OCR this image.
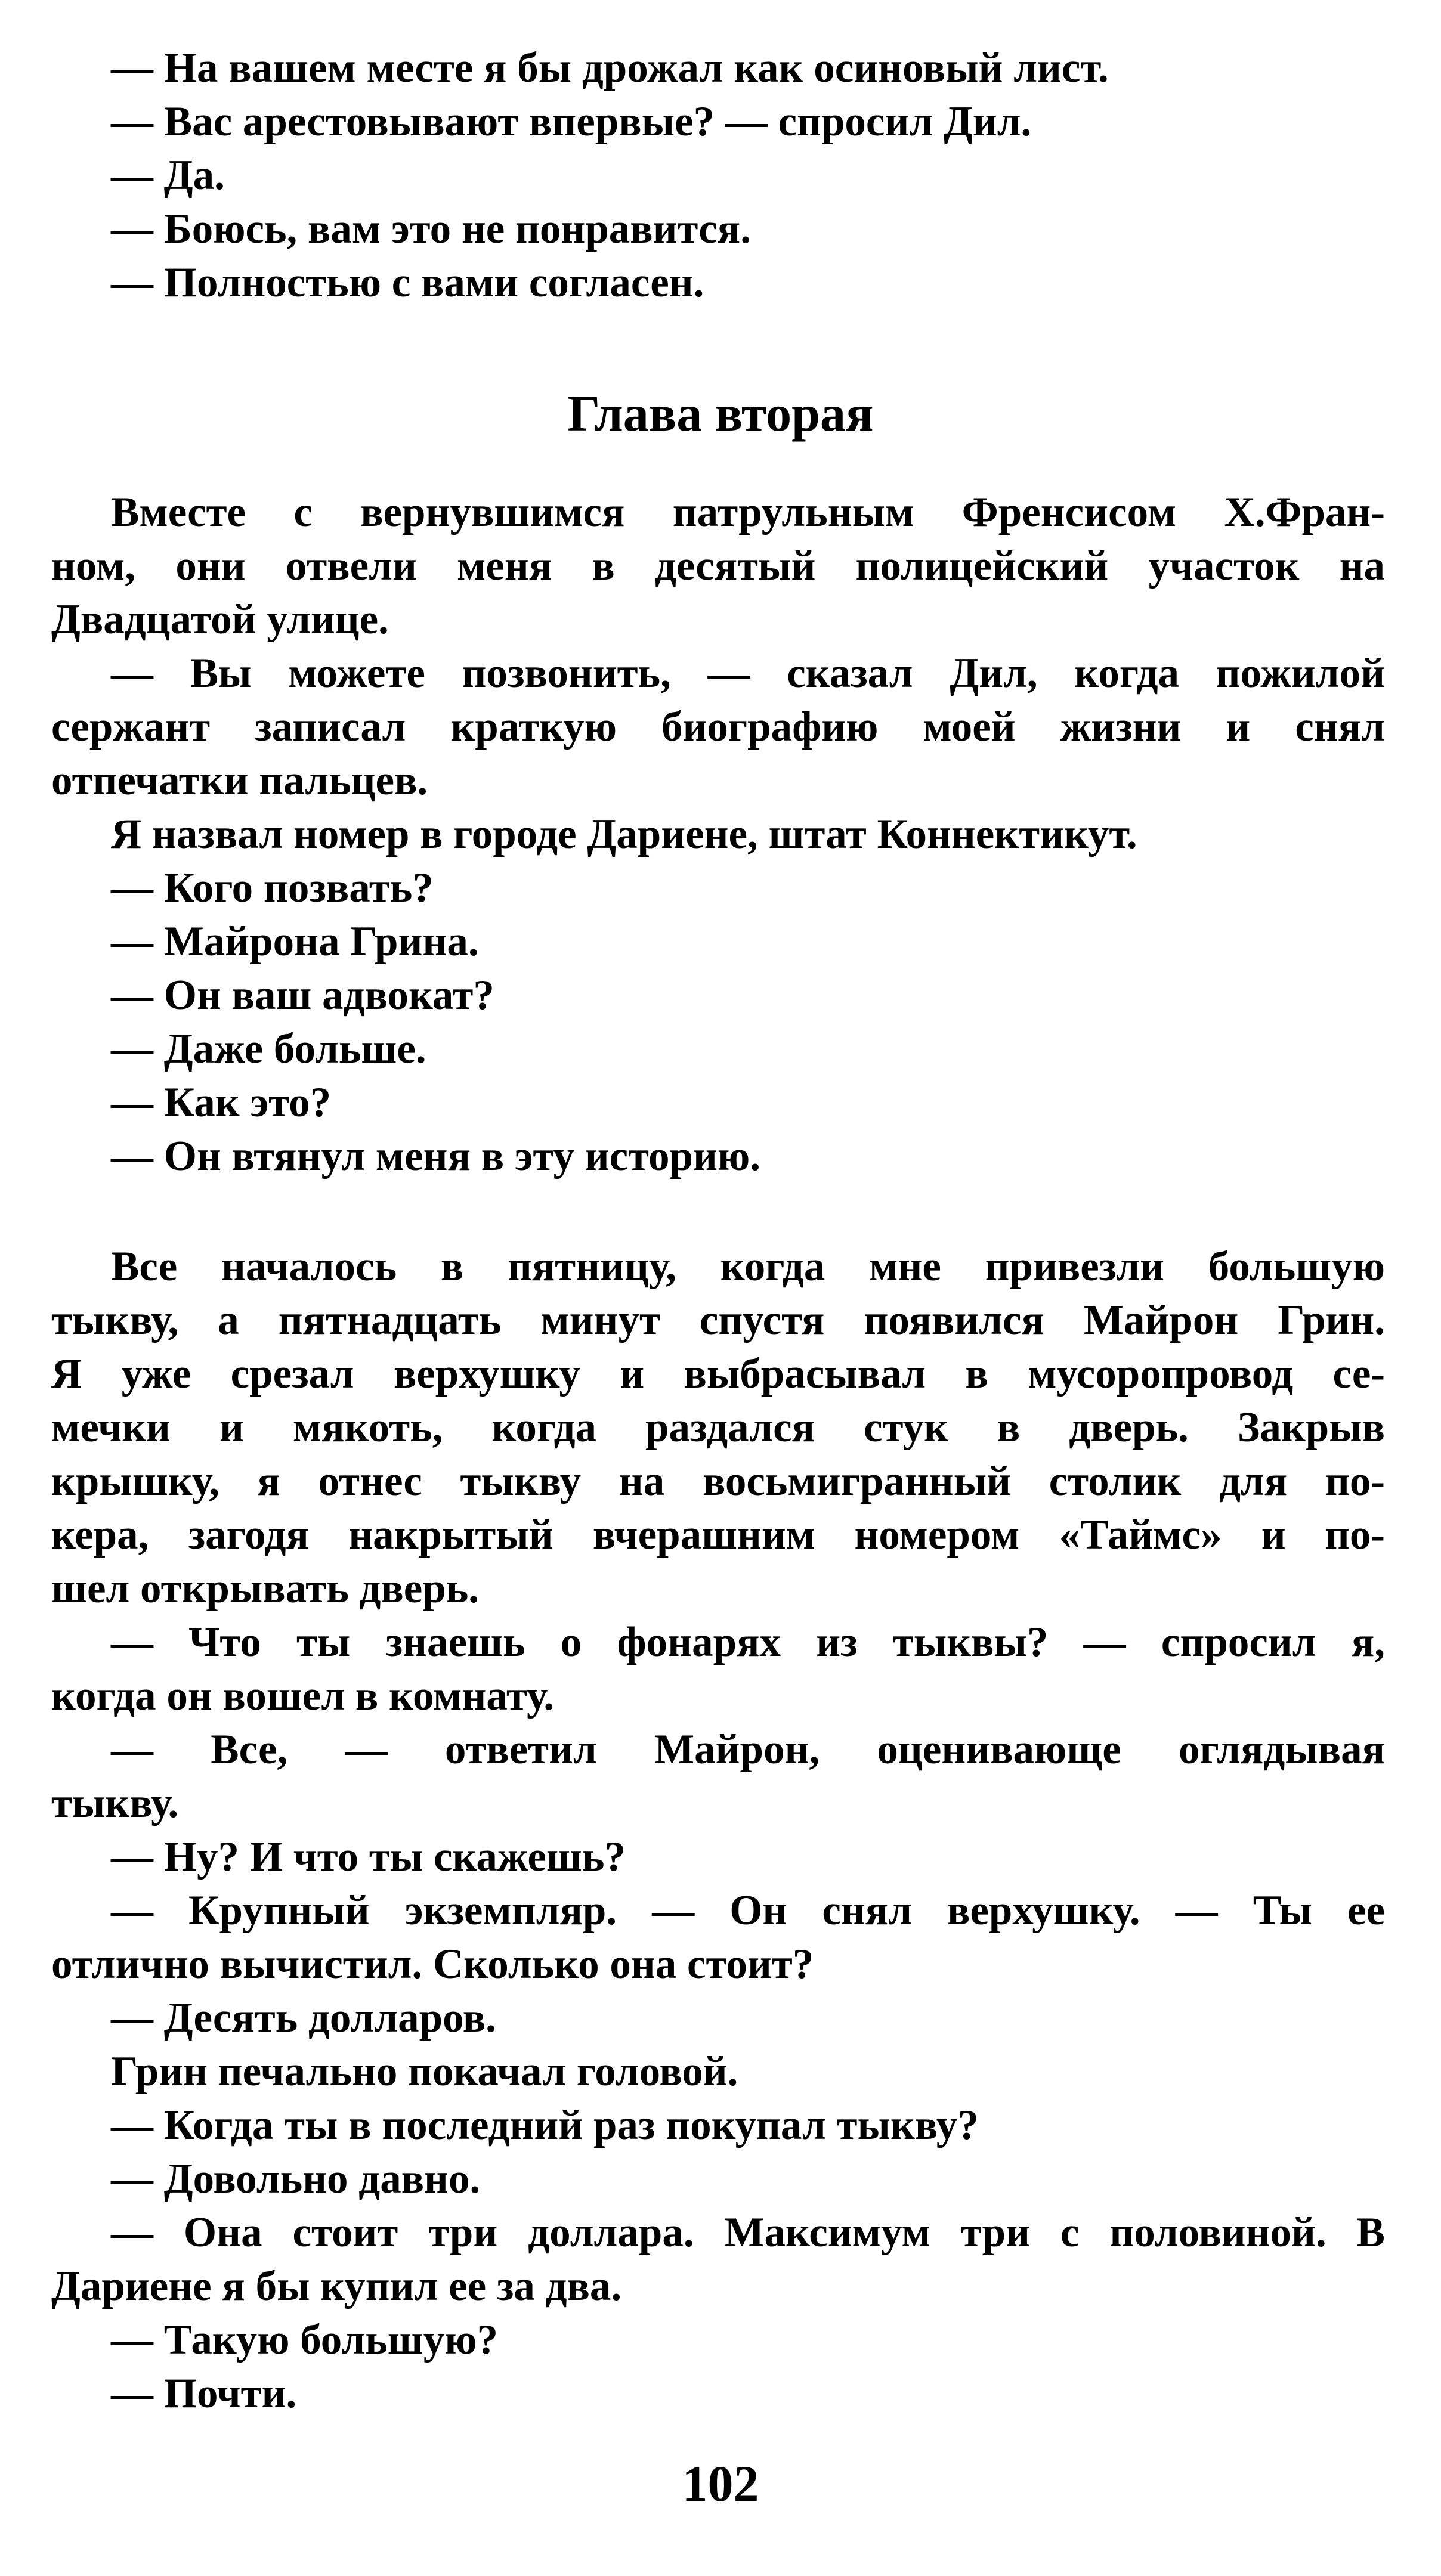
— На вашем месте я бы дрожал как осиновый лист.
— Вас арестовывают впервые? — спросил Дил.
— Да.
— Боюсь, вам это не понравится.
— Полностью с вами согласен.
Глава вторая
Вместе с вернувшимся патрульным Френсисом Х.Фран-
ном, они отвели меня в десятый полицейский участок на
Двадцатой улице.
— Вы можете позвонить, — сказал Дил, когда пожилой
сержант записал краткую биографию моей жизни и снял
отпечатки пальцев.
Я назвал номер в городе Дариене, штат Коннектикут.
— Кого позвать?
— Майрона Грина.
— Он ваш адвокат?
— Даже больше.
— Как это?
— Он втянул меня в эту историю.
Все началось в пятницу, когда мне привезли большую
тыкву, а пятнадцать минут спустя появился Майрон Грин.
Я уже срезал верхушку и выбрасывал в мусоропровод се-
мечки и мякоть, когда раздался стук в дверь. Закрыв
крышку, я отнес тыкву на восьмигранный столик для по-
кера, загодя накрытый вчерашним номером «Таймс» и по-
шел открывать дверь.
— Что ты знаешь о фонарях из тыквы? — спросил я,
когда он вошел в комнату.
— Все, — ответил Майрон, оценивающе оглядывая
тыкву.
— Ну? И что ты скажешь?
— Крупный экземпляр. — Он снял верхушку. — Ты ее
отлично вычистил. Сколько она стоит?
— Десять долларов.
Грин печально покачал головой.
— Когда ты в последний раз покупал тыкву?
— Довольно давно.
— Она стоит три доллара. Максимум три с половиной. В
Дариене я бы купил ее за два.
— Такую большую?
— Почти.
102
